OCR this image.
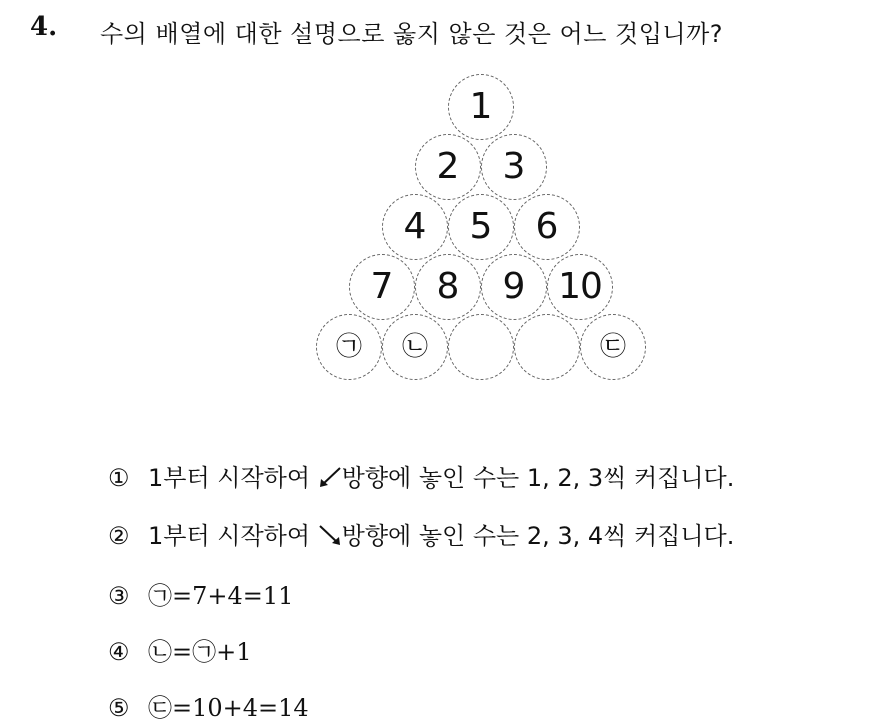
4. 수의 배열에 대한 설명으로 옳지 않은 것은 어느 것입니까?
1
2	3
4	5	6
7	8	9 10
㉠	㉡	㉢
① 1부터 시작하여 방향에 놓인 수는 1, 2, 3씩 커집니다.
② 1부터 시작하여 방향에 놓인 수는 2, 3, 4씩 커집니다.
③ ㉠=7+4=11
④ ㉡=㉠+1
⑤ ㉢=10+4=14
